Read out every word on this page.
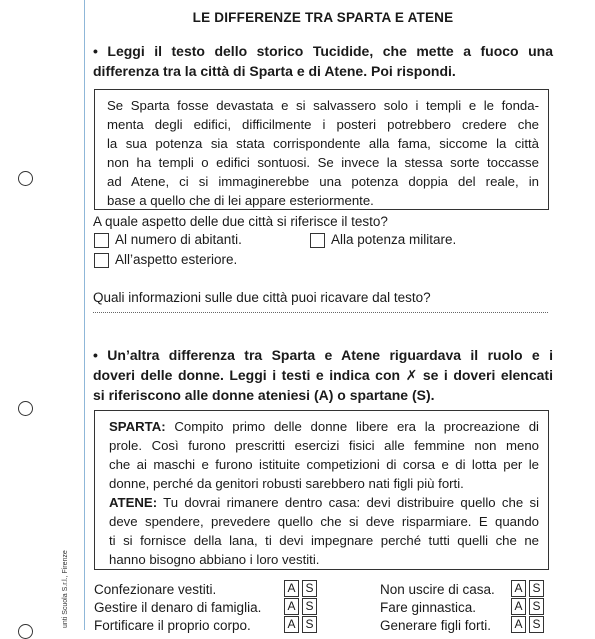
unti Scuola S.r.l., Firenze
LE DIFFERENZE TRA SPARTA E ATENE
• Leggi il testo dello storico Tucidide, che mette a fuoco una
differenza tra la città di Sparta e di Atene. Poi rispondi.
Se Sparta fosse devastata e si salvassero solo i templi e le fonda-
menta degli edifici, difficilmente i posteri potrebbero credere che
la sua potenza sia stata corrispondente alla fama, siccome la città
non ha templi o edifici sontuosi. Se invece la stessa sorte toccasse
ad Atene, ci si immaginerebbe una potenza doppia del reale, in
base a quello che di lei appare esteriormente.
A quale aspetto delle due città si riferisce il testo?
Al numero di abitanti.	Alla potenza militare.
All’aspetto esteriore.
Quali informazioni sulle due città puoi ricavare dal testo?
• Un’altra differenza tra Sparta e Atene riguardava il ruolo e i
doveri delle donne. Leggi i testi e indica con ✗ se i doveri elencati
si riferiscono alle donne ateniesi (A) o spartane (S).
SPARTA: Compito primo delle donne libere era la procreazione di
prole. Così furono prescritti esercizi fisici alle femmine non meno
che ai maschi e furono istituite competizioni di corsa e di lotta per le
donne, perché da genitori robusti sarebbero nati figli più forti.
ATENE: Tu dovrai rimanere dentro casa: devi distribuire quello che si
deve spendere, prevedere quello che si deve risparmiare. E quando
ti si fornisce della lana, ti devi impegnare perché tutti quelli che ne
hanno bisogno abbiano i loro vestiti.
Confezionare vestiti.	A S
Gestire il denaro di famiglia. A S
Fortificare il proprio corpo.	A S
Non uscire di casa. A S
Fare ginnastica.	A S
Generare figli forti. A S
